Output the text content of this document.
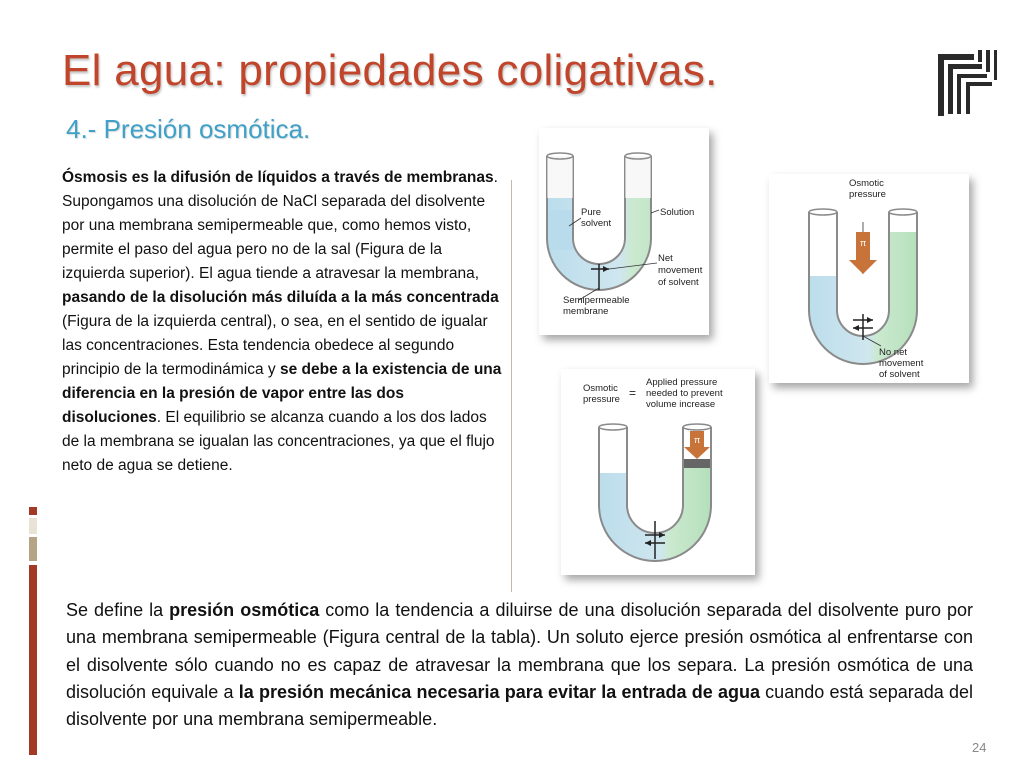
El agua: propiedades coligativas.
4.- Presión osmótica.
Ósmosis es la difusión de líquidos a través de membranas. Supongamos una disolución de NaCl separada del disolvente por una membrana semipermeable que, como hemos visto, permite el paso del agua pero no de la sal (Figura de la izquierda superior). El agua tiende a atravesar la membrana, pasando de la disolución más diluída a la más concentrada (Figura de la izquierda central), o sea, en el sentido de igualar las concentraciones. Esta tendencia obedece al segundo principio de la termodinámica y se debe a la existencia de una diferencia en la presión de vapor entre las dos disoluciones. El equilibrio se alcanza cuando a los dos lados de la membrana se igualan las concentraciones, ya que el flujo neto de agua se detiene.
Pure
solvent
Solution
Net
movement
of solvent
Semipermeable
membrane
π
Osmotic
pressure
No net
movement
of solvent
π
Osmotic
pressure =
Applied pressure
needed to prevent
volume increase
Se define la presión osmótica como la tendencia a diluirse de una disolución separada del disolvente puro por una membrana semipermeable (Figura central de la tabla). Un soluto ejerce presión osmótica al enfrentarse con el disolvente sólo cuando no es capaz de atravesar la membrana que los separa. La presión osmótica de una disolución equivale a la presión mecánica necesaria para evitar la entrada de agua cuando está separada del disolvente por una membrana semipermeable.
24
